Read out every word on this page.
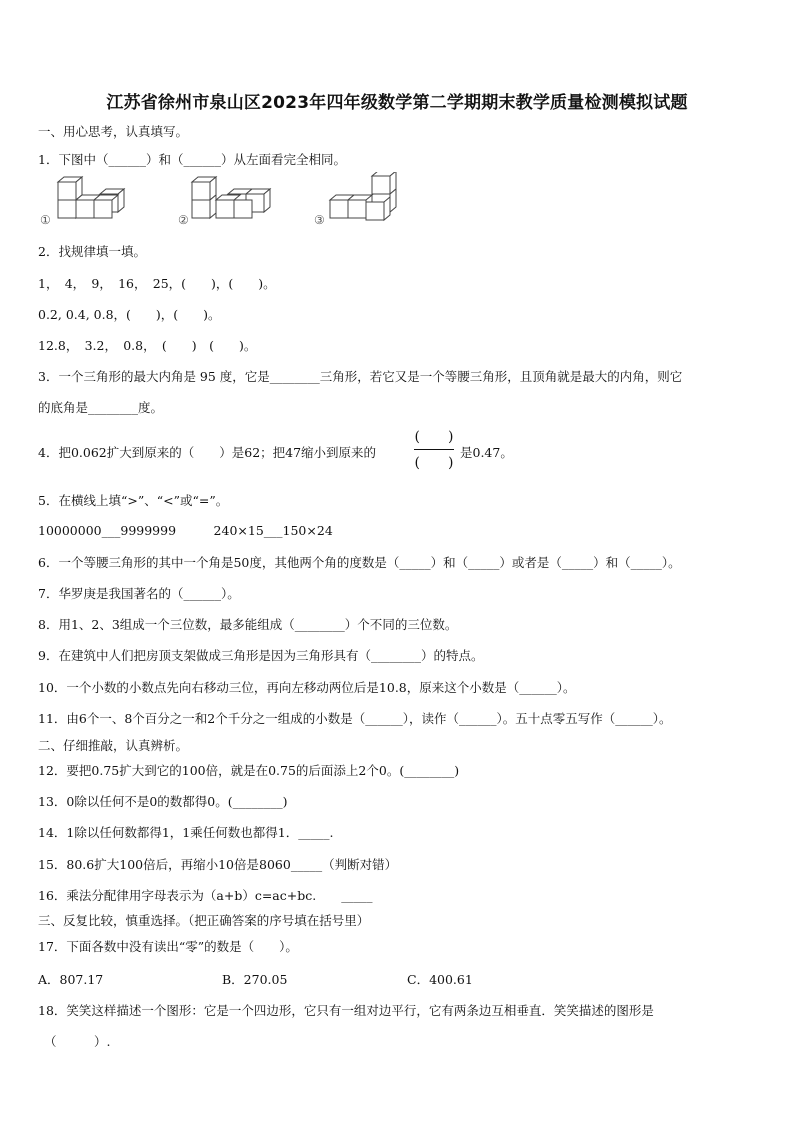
江苏省徐州市泉山区2023年四年级数学第二学期期末教学质量检测模拟试题
一、用心思考，认真填写。
1．下图中（______）和（______）从左面看完全相同。
①	②	③
2．找规律填一填。
1，　4，　9，　16，　25，(　　)，(　　)。
0.2, 0.4, 0.8，(　　)，(　　)。
12.8，　3.2，　0.8，　(　　)　(　　)。
3．一个三角形的最大内角是 95 度，它是________三角形，若它又是一个等腰三角形，且顶角就是最大的内角，则它
的底角是________度。
4．把0.062扩大到原来的（　　）是62；把47缩小到原来的
(　　)
(　　)
是0.47。
5．在横线上填“>”、“<”或“=”。
10000000___9999999　　　240×15___150×24
6．一个等腰三角形的其中一个角是50度，其他两个角的度数是（_____）和（_____）或者是（_____）和（_____）。
7．华罗庚是我国著名的（______）。
8．用1、2、3组成一个三位数，最多能组成（________）个不同的三位数。
9．在建筑中人们把房顶支架做成三角形是因为三角形具有（________）的特点。
10．一个小数的小数点先向右移动三位，再向左移动两位后是10.8，原来这个小数是（______）。
11．由6个一、8个百分之一和2个千分之一组成的小数是（______），读作（______）。五十点零五写作（______）。
二、仔细推敲，认真辨析。
12．要把0.75扩大到它的100倍，就是在0.75的后面添上2个0。(________)
13．0除以任何不是0的数都得0。(________)
14．1除以任何数都得1，1乘任何数也都得1．_____.
15．80.6扩大100倍后，再缩小10倍是8060_____（判断对错）
16．乘法分配律用字母表示为（a+b）c=ac+bc.　　_____
三、反复比较，慎重选择。（把正确答案的序号填在括号里）
17．下面各数中没有读出“零”的数是（　　）。
A．807.17	B．270.05	C．400.61
18．笑笑这样描述一个图形：它是一个四边形，它只有一组对边平行，它有两条边互相垂直．笑笑描述的图形是
（　　　）.
